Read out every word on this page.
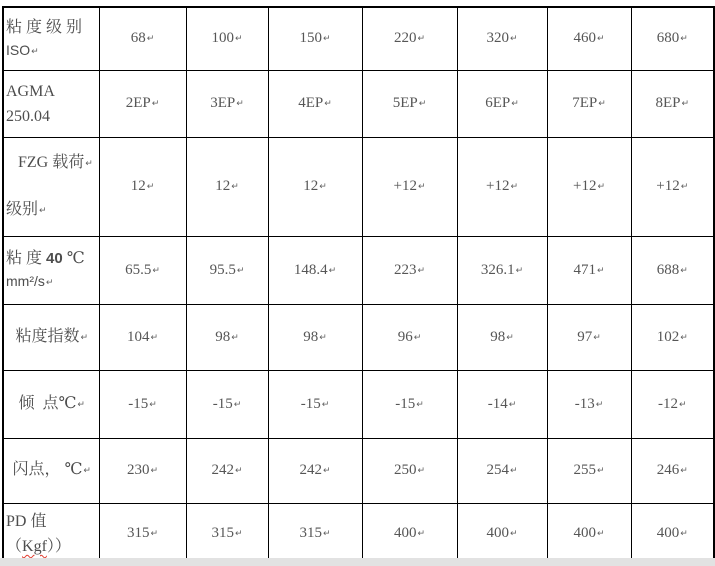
粘 度 级 别
ISO↵	68↵	100↵	150↵	220↵	320↵	460↵	680↵

AGMA 250.04	2EP↵	3EP↵	4EP↵	5EP↵	6EP↵	7EP↵	8EP↵

FZG 载荷↵
级别↵	12↵	12↵	12↵	+12↵	+12↵	+12↵	+12↵

粘 度 40 ℃
mm²/s↵	65.5↵	95.5↵	148.4↵	223↵	326.1↵	471↵	688↵

粘度指数↵	104↵	98↵	98↵	96↵	98↵	97↵	102↵

倾  点℃↵	-15↵	-15↵	-15↵	-15↵	-14↵	-13↵	-12↵

闪点， ℃↵	230↵	242↵	242↵	250↵	254↵	255↵	246↵

PD 值（Kgf））	315↵	315↵	315↵	400↵	400↵	400↵	400↵
